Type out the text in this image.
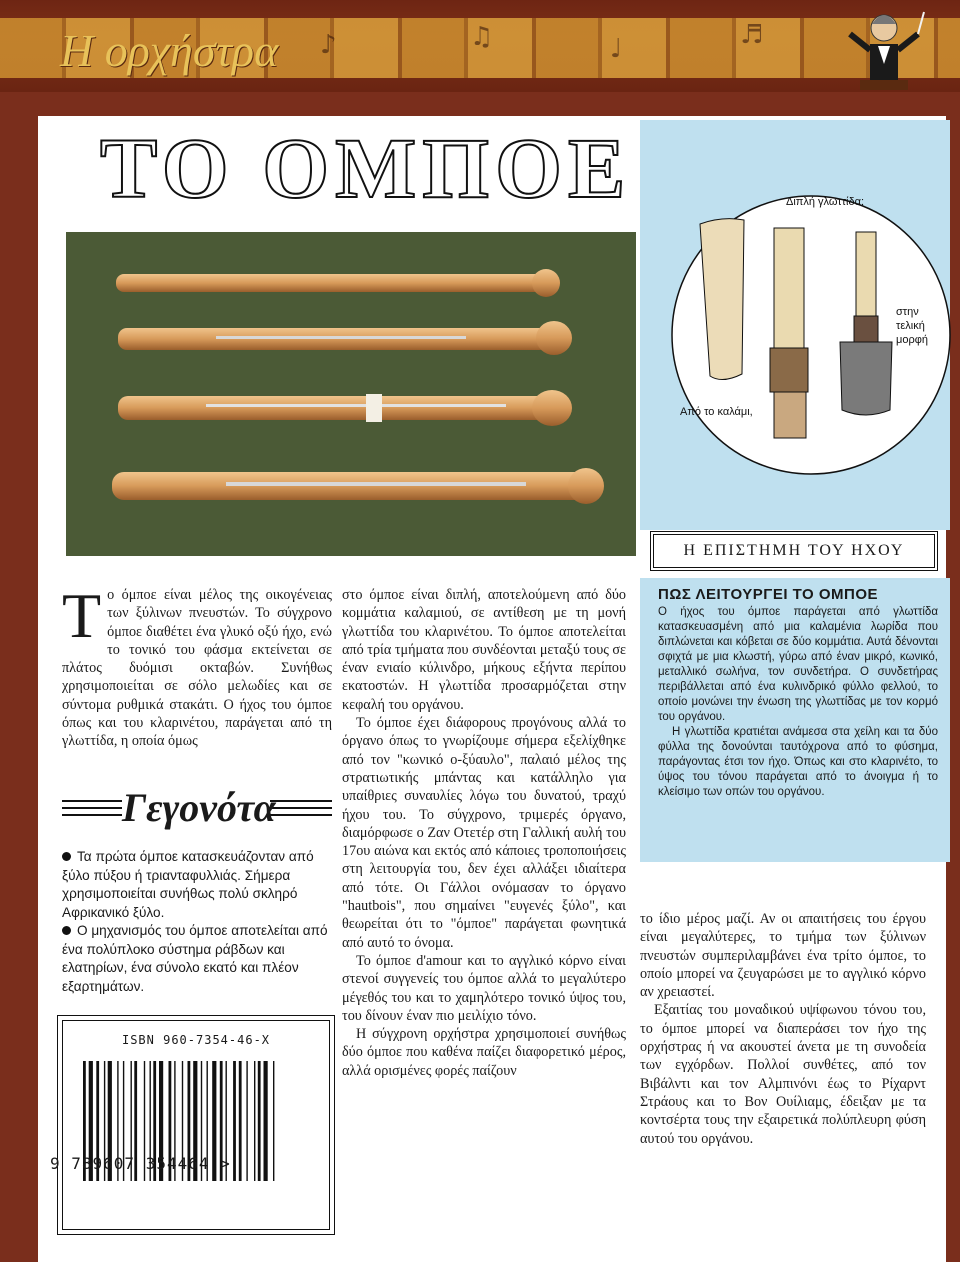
♪	♫	♩	♬
Η ορχήστρα
ΤΟ ΟΜΠΟΕ	Διπλή γλωττίδα:
στην
τελική
μορφή
Από το καλάμι,
Η ΕΠΙΣΤΗΜΗ ΤΟΥ ΗΧΟΥ
ΠΩΣ ΛΕΙΤΟΥΡΓΕΙ ΤΟ ΟΜΠΟΕ

Ο ήχος του όμποε παράγεται από γλωττίδα κατασκευασμένη από μια καλαμένια λωρίδα που διπλώνεται και κόβεται σε δύο κομμάτια. Αυτά δένονται σφιχτά με μια κλωστή, γύρω από έναν μικρό, κωνικό, μεταλλικό σωλήνα, τον συνδετήρα. Ο συνδετήρας περιβάλλεται από ένα κυλινδρικό φύλλο φελλού, το οποίο μονώνει την ένωση της γλωττίδας με τον κορμό του οργάνου.

Η γλωττίδα κρατιέται ανάμεσα στα χείλη και τα δύο φύλλα της δονούνται ταυτόχρονα από το φύσημα, παράγοντας έτσι τον ήχο. Όπως και στο κλαρινέτο, το ύψος του τόνου παράγεται από το άνοιγμα ή το κλείσιμο των οπών του οργάνου.

Τ ο όμποε είναι μέλος της οικογένειας των ξύλινων πνευστών. Το σύγχρονο όμποε διαθέτει ένα γλυκό οξύ ήχο, ενώ το τονικό του φάσμα εκτείνεται σε πλάτος δυόμισι οκταβών. Συνήθως χρησιμοποιείται σε σόλο μελωδίες και σε σύντομα ρυθμικά στακάτι. Ο ήχος του όμποε όπως και του κλαρινέτου, παράγεται από τη γλωττίδα, η οποία όμως

Γεγονότα

Τα πρώτα όμποε κατασκευάζονταν από ξύλο πύξου ή τριανταφυλλιάς. Σήμερα χρησιμοποιείται συνήθως πολύ σκληρό Αφρικανικό ξύλο.

Ο μηχανισμός του όμποε αποτελείται από ένα πολύπλοκο σύστημα ράβδων και ελατηρίων, ένα σύνολο εκατό και πλέον εξαρτημάτων.

ISBN 960-7354-46-X
9 789607 354464 >

στο όμποε είναι διπλή, αποτελούμενη από δύο κομμάτια καλαμιού, σε αντίθεση με τη μονή γλωττίδα του κλαρινέτου. Το όμποε αποτελείται από τρία τμήματα που συνδέονται μεταξύ τους σε έναν ενιαίο κύλινδρο, μήκους εξήντα περίπου εκατοστών. Η γλωττίδα προσαρμόζεται στην κεφαλή του οργάνου.

Το όμποε έχει διάφορους προγόνους αλλά το όργανο όπως το γνωρίζουμε σήμερα εξελίχθηκε από τον "κωνικό ο-ξύαυλο", παλαιό μέλος της στρατιωτικής μπάντας και κατάλληλο για υπαίθριες συναυλίες λόγω του δυνατού, τραχύ ήχου του. Το σύγχρονο, τριμερές όργανο, διαμόρφωσε ο Ζαν Οτετέρ στη Γαλλική αυλή του 17ου αιώνα και εκτός από κάποιες τροποποιήσεις στη λειτουργία του, δεν έχει αλλάξει ιδιαίτερα από τότε. Οι Γάλλοι ονόμασαν το όργανο "hautbois", που σημαίνει "ευγενές ξύλο", και θεωρείται ότι το "όμποε" παράγεται φωνητικά από αυτό το όνομα.

Το όμποε d'amour και το αγγλικό κόρνο είναι στενοί συγγενείς του όμποε αλλά το μεγαλύτερο μέγεθός του και το χαμηλότερο τονικό ύψος του, του δίνουν έναν πιο μειλίχιο τόνο.

Η σύγχρονη ορχήστρα χρησιμοποιεί συνήθως δύο όμποε που καθένα παίζει διαφορετικό μέρος, αλλά ορισμένες φορές παίζουν

το ίδιο μέρος μαζί. Αν οι απαιτήσεις του έργου είναι μεγαλύτερες, το τμήμα των ξύλινων πνευστών συμπεριλαμβάνει ένα τρίτο όμποε, το οποίο μπορεί να ζευγαρώσει με το αγγλικό κόρνο αν χρειαστεί.

Εξαιτίας του μοναδικού υψίφωνου τόνου του, το όμποε μπορεί να διαπεράσει τον ήχο της ορχήστρας ή να ακουστεί άνετα με τη συνοδεία των εγχόρδων. Πολλοί συνθέτες, από τον Βιβάλντι και τον Αλμπινόνι έως το Ρίχαρντ Στράους και το Βον Ουίλιαμς, έδειξαν με τα κοντσέρτα τους την εξαιρετικά πολύπλευρη φύση αυτού του οργάνου.
